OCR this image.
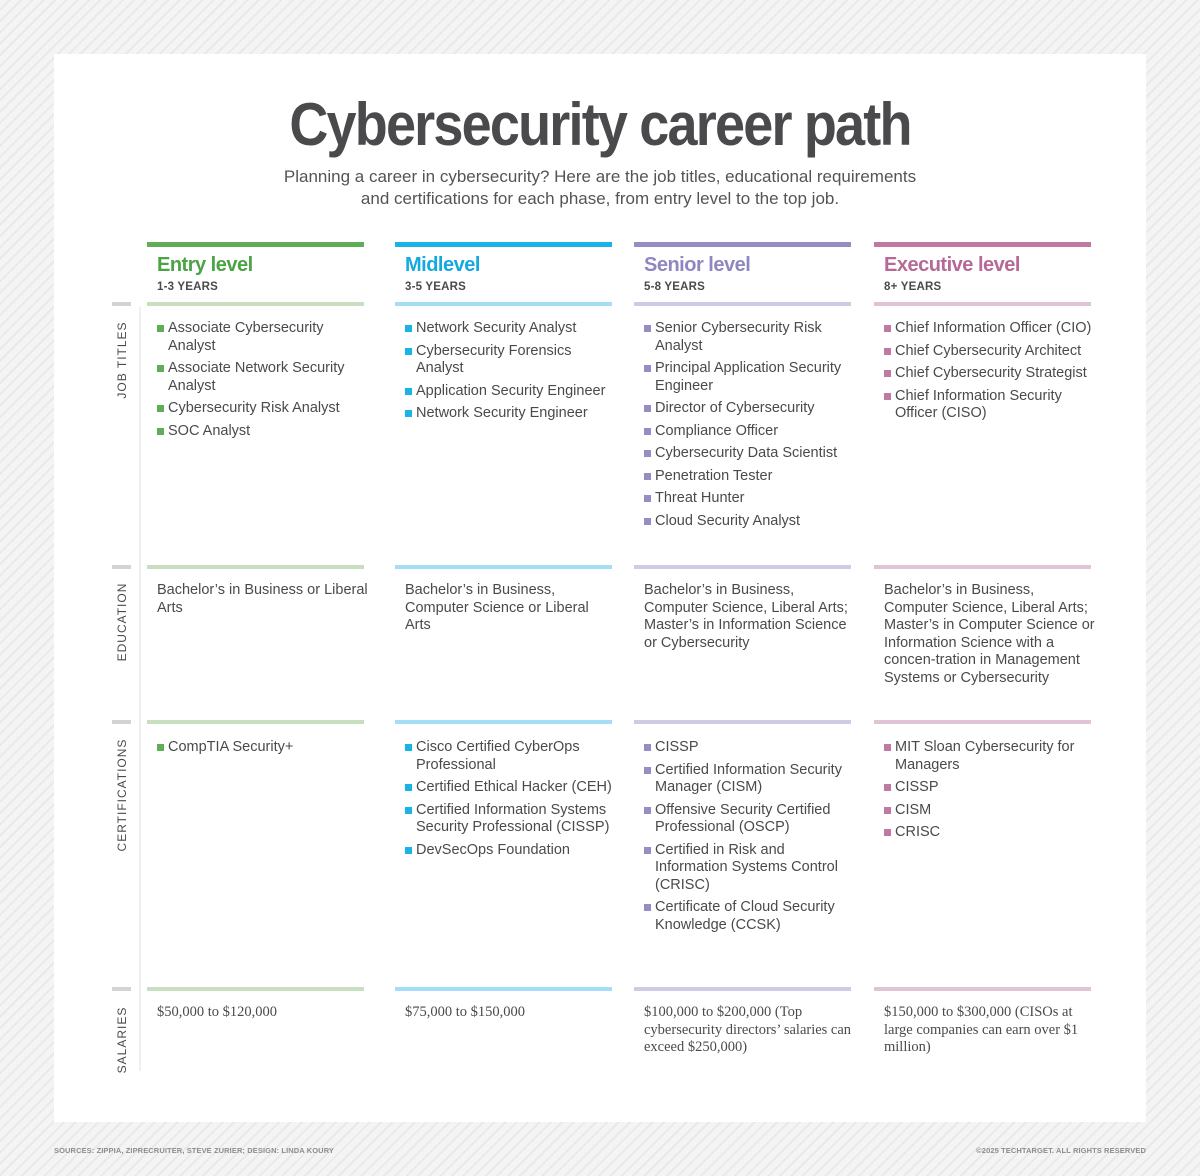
Cybersecurity career path
Planning a career in cybersecurity? Here are the job titles, educational requirements
and certifications for each phase, from entry level to the top job.
JOB TITLES
EDUCATION
CERTIFICATIONS
SALARIES
Entry level
1-3 YEARS
Associate Cybersecurity Analyst
Associate Network Security Analyst
Cybersecurity Risk Analyst
SOC Analyst
Bachelor’s in Business or Liberal Arts
CompTIA Security+
$50,000 to $120,000
Midlevel
3-5 YEARS
Network Security Analyst
Cybersecurity Forensics Analyst
Application Security Engineer
Network Security Engineer
Bachelor’s in Business, Computer Science or Liberal Arts
Cisco Certified CyberOps Professional
Certified Ethical Hacker (CEH)
Certified Information Systems Security Professional (CISSP)
DevSecOps Foundation
$75,000 to $150,000
Senior level
5-8 YEARS
Senior Cybersecurity Risk Analyst
Principal Application Security Engineer
Director of Cybersecurity
Compliance Officer
Cybersecurity Data Scientist
Penetration Tester
Threat Hunter
Cloud Security Analyst
Bachelor’s in Business, Computer Science, Liberal Arts; Master’s in Information Science or Cybersecurity
CISSP
Certified Information Security Manager (CISM)
Offensive Security Certified Professional (OSCP)
Certified in Risk and Information Systems Control (CRISC)
Certificate of Cloud Security Knowledge (CCSK)
$100,000 to $200,000 (Top cybersecurity directors’ salaries can exceed $250,000)
Executive level
8+ YEARS
Chief Information Officer (CIO)
Chief Cybersecurity Architect
Chief Cybersecurity Strategist
Chief Information Security Officer (CISO)
Bachelor’s in Business, Computer Science, Liberal Arts; Master’s in Computer Science or Information Science with a concen-tration in Management Systems or Cybersecurity
MIT Sloan Cybersecurity for Managers
CISSP
CISM
CRISC
$150,000 to $300,000 (CISOs at large companies can earn over $1 million)
SOURCES: ZIPPIA, ZIPRECRUITER, STEVE ZURIER; DESIGN: LINDA KOURY	©2025 TECHTARGET. ALL RIGHTS RESERVED
